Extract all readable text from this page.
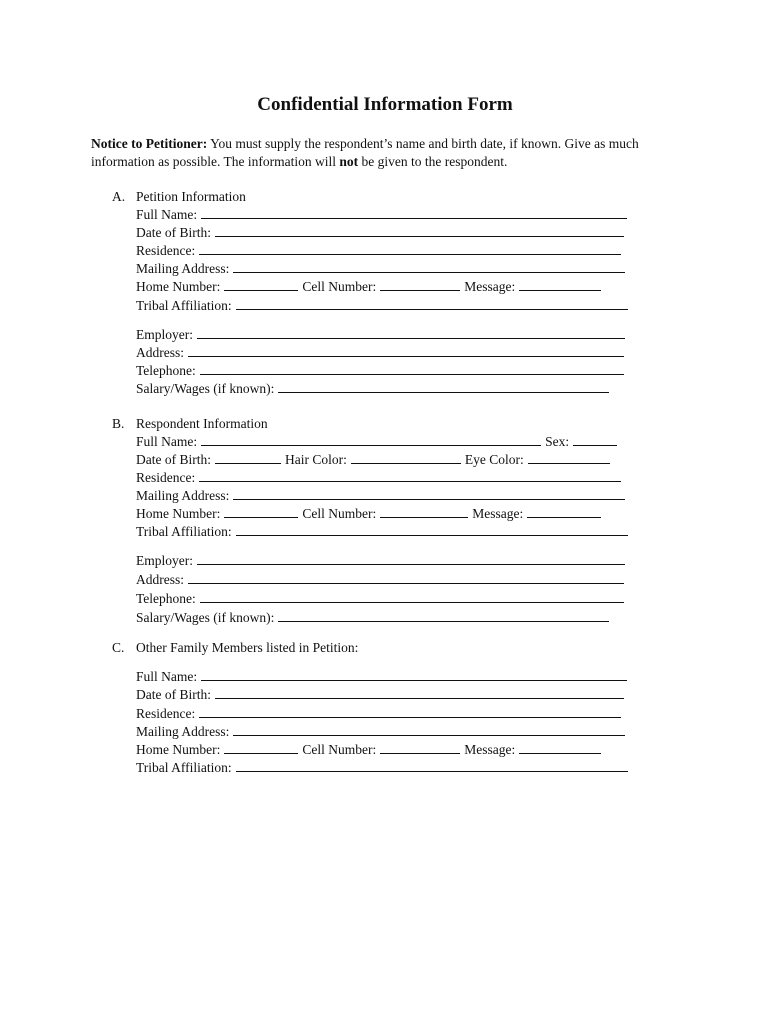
Confidential Information Form
Notice to Petitioner: You must supply the respondent’s name and birth date, if known. Give as much information as possible. The information will not be given to the respondent.
A. Petition Information
Full Name:
Date of Birth:
Residence:
Mailing Address:
Home Number:	Cell Number:	Message:
Tribal Affiliation:
Employer:
Address:
Telephone:
Salary/Wages (if known):
B. Respondent Information
Full Name:	Sex:
Date of Birth:	Hair Color:	Eye Color:
Residence:
Mailing Address:
Home Number:	Cell Number:	Message:
Tribal Affiliation:
Employer:
Address:
Telephone:
Salary/Wages (if known):
C. Other Family Members listed in Petition:
Full Name:
Date of Birth:
Residence:
Mailing Address:
Home Number:	Cell Number:	Message:
Tribal Affiliation:
